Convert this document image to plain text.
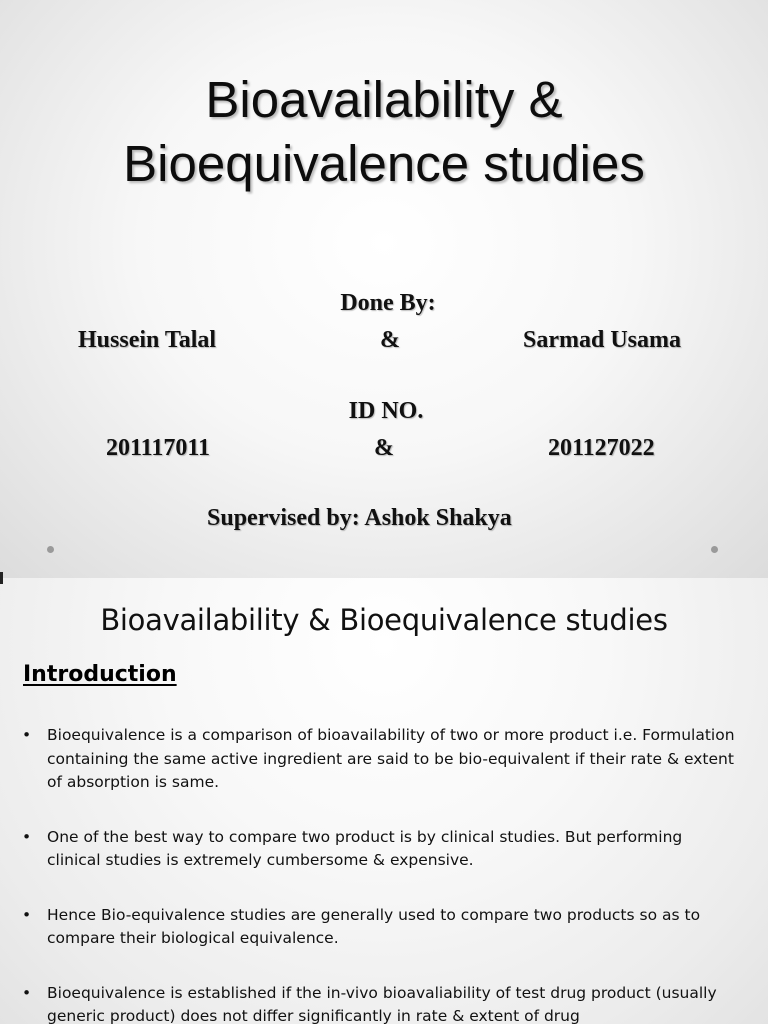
Bioavailability &
Bioequivalence studies
Done By:
Hussein Talal	&	Sarmad Usama
ID NO.
201117011	&	201127022
Supervised by: Ashok Shakya
Bioavailability & Bioequivalence studies
Introduction
• Bioequivalence is a comparison of bioavailability of two or more product i.e. Formulation containing the same active ingredient are said to be bio-equivalent if their rate & extent of absorption is same.
• One of the best way to compare two product is by clinical studies. But performing clinical studies is extremely cumbersome & expensive.
• Hence Bio-equivalence studies are generally used to compare two products so as to compare their biological equivalence.
• Bioequivalence is established if the in-vivo bioavaliability of test drug product (usually generic product) does not differ significantly in rate & extent of drug
